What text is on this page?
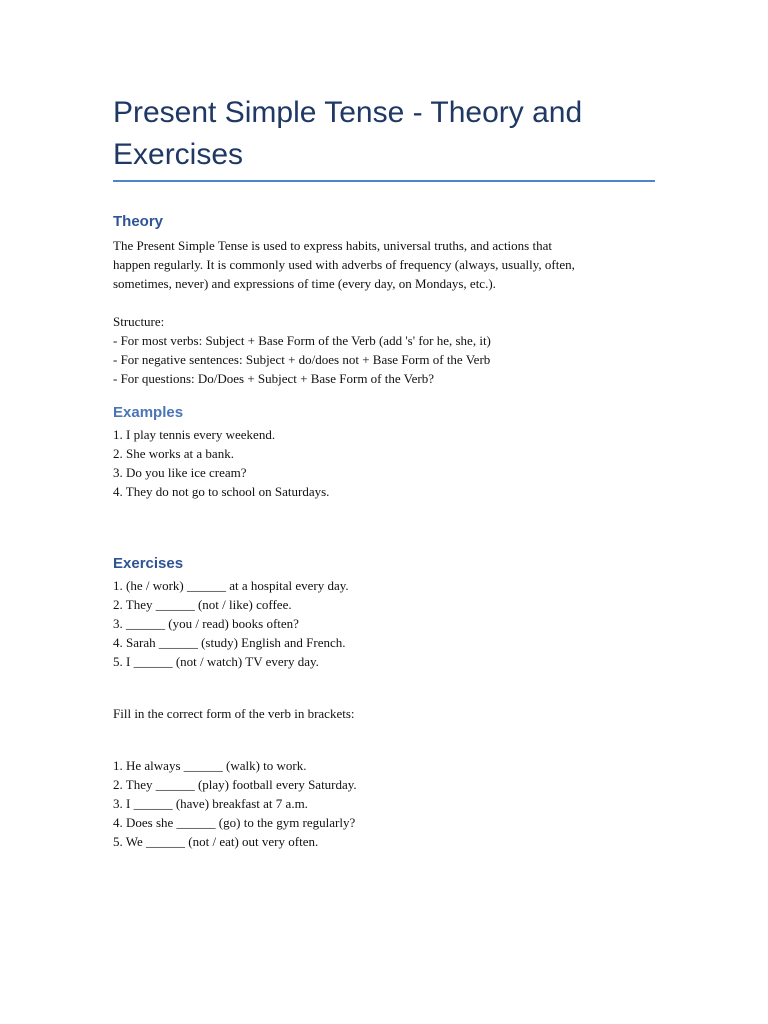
Present Simple Tense - Theory and Exercises
Theory
The Present Simple Tense is used to express habits, universal truths, and actions that
happen regularly. It is commonly used with adverbs of frequency (always, usually, often,
sometimes, never) and expressions of time (every day, on Mondays, etc.).
Structure:
- For most verbs: Subject + Base Form of the Verb (add 's' for he, she, it)
- For negative sentences: Subject + do/does not + Base Form of the Verb
- For questions: Do/Does + Subject + Base Form of the Verb?
Examples
1. I play tennis every weekend.
2. She works at a bank.
3. Do you like ice cream?
4. They do not go to school on Saturdays.
Exercises
1. (he / work) ______ at a hospital every day.
2. They ______ (not / like) coffee.
3. ______ (you / read) books often?
4. Sarah ______ (study) English and French.
5. I ______ (not / watch) TV every day.
Fill in the correct form of the verb in brackets:
1. He always ______ (walk) to work.
2. They ______ (play) football every Saturday.
3. I ______ (have) breakfast at 7 a.m.
4. Does she ______ (go) to the gym regularly?
5. We ______ (not / eat) out very often.
